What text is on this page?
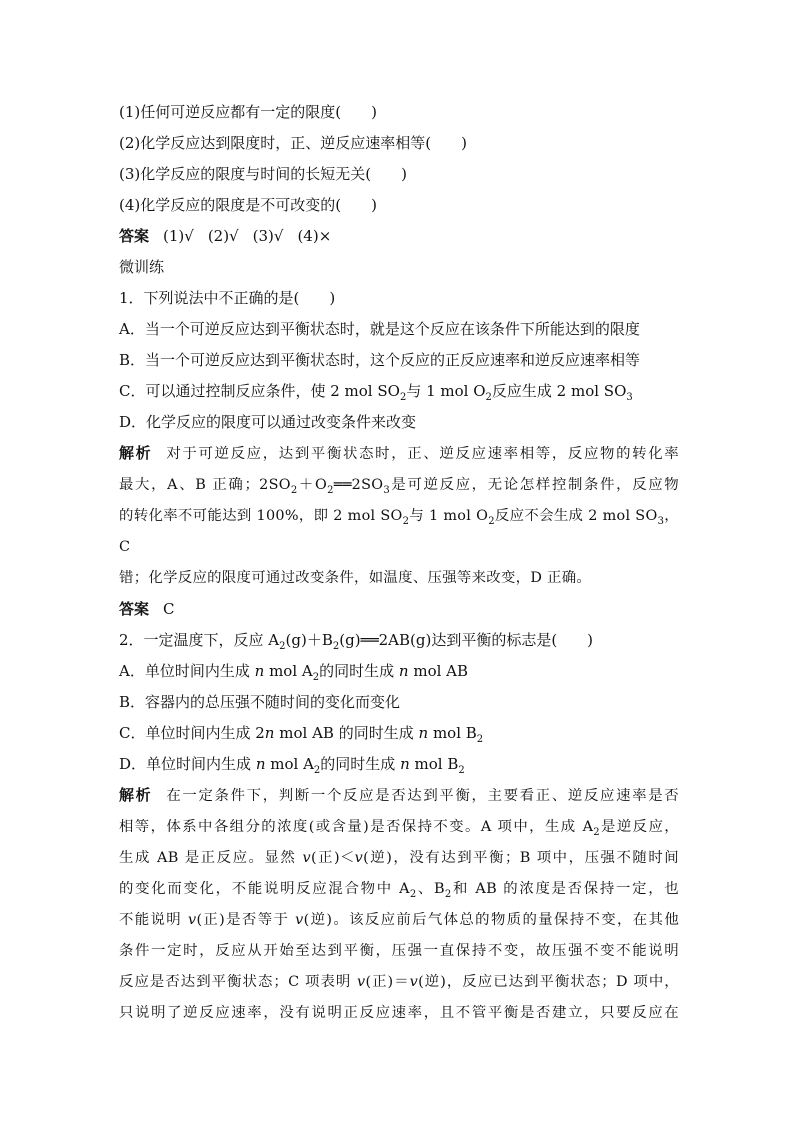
(1)任何可逆反应都有一定的限度(　　)
(2)化学反应达到限度时，正、逆反应速率相等(　　)
(3)化学反应的限度与时间的长短无关(　　)
(4)化学反应的限度是不可改变的(　　)
答案 (1)√ (2)√ (3)√ (4)×
微训练
1．下列说法中不正确的是(　　)
A．当一个可逆反应达到平衡状态时，就是这个反应在该条件下所能达到的限度
B．当一个可逆反应达到平衡状态时，这个反应的正反应速率和逆反应速率相等
C．可以通过控制反应条件，使 2 mol $SO_2$与 1 mol $O_2$反应生成 2 mol $SO_3$
D．化学反应的限度可以通过改变条件来改变
解析 对于可逆反应，达到平衡状态时，正、逆反应速率相等，反应物的转化率
最大，A、B 正确；$2SO_2+O_2══2SO_3$是可逆反应，无论怎样控制条件，反应物
的转化率不可能达到 100%，即 2 mol $SO_2$与 1 mol $O_2$反应不会生成 2 mol $SO_3$，C
错；化学反应的限度可通过改变条件，如温度、压强等来改变，D 正确。
答案 C
2．一定温度下，反应 $A_2(g)+B_2(g)══2AB(g)$达到平衡的标志是(　　)
A．单位时间内生成 n mol $A_2$的同时生成 n mol AB
B．容器内的总压强不随时间的变化而变化
C．单位时间内生成 2n mol AB 的同时生成 n mol $B_2$
D．单位时间内生成 n mol $A_2$的同时生成 n mol $B_2$
解析 在一定条件下，判断一个反应是否达到平衡，主要看正、逆反应速率是否
相等，体系中各组分的浓度(或含量)是否保持不变。A 项中，生成 $A_2$是逆反应，
生成 AB 是正反应。显然 v(正)＜v(逆)，没有达到平衡；B 项中，压强不随时间
的变化而变化，不能说明反应混合物中 $A_2$、$B_2$和 AB 的浓度是否保持一定，也
不能说明 v(正)是否等于 v(逆)。该反应前后气体总的物质的量保持不变，在其他
条件一定时，反应从开始至达到平衡，压强一直保持不变，故压强不变不能说明
反应是否达到平衡状态；C 项表明 v(正)＝v(逆)，反应已达到平衡状态；D 项中，
只说明了逆反应速率，没有说明正反应速率，且不管平衡是否建立，只要反应在
